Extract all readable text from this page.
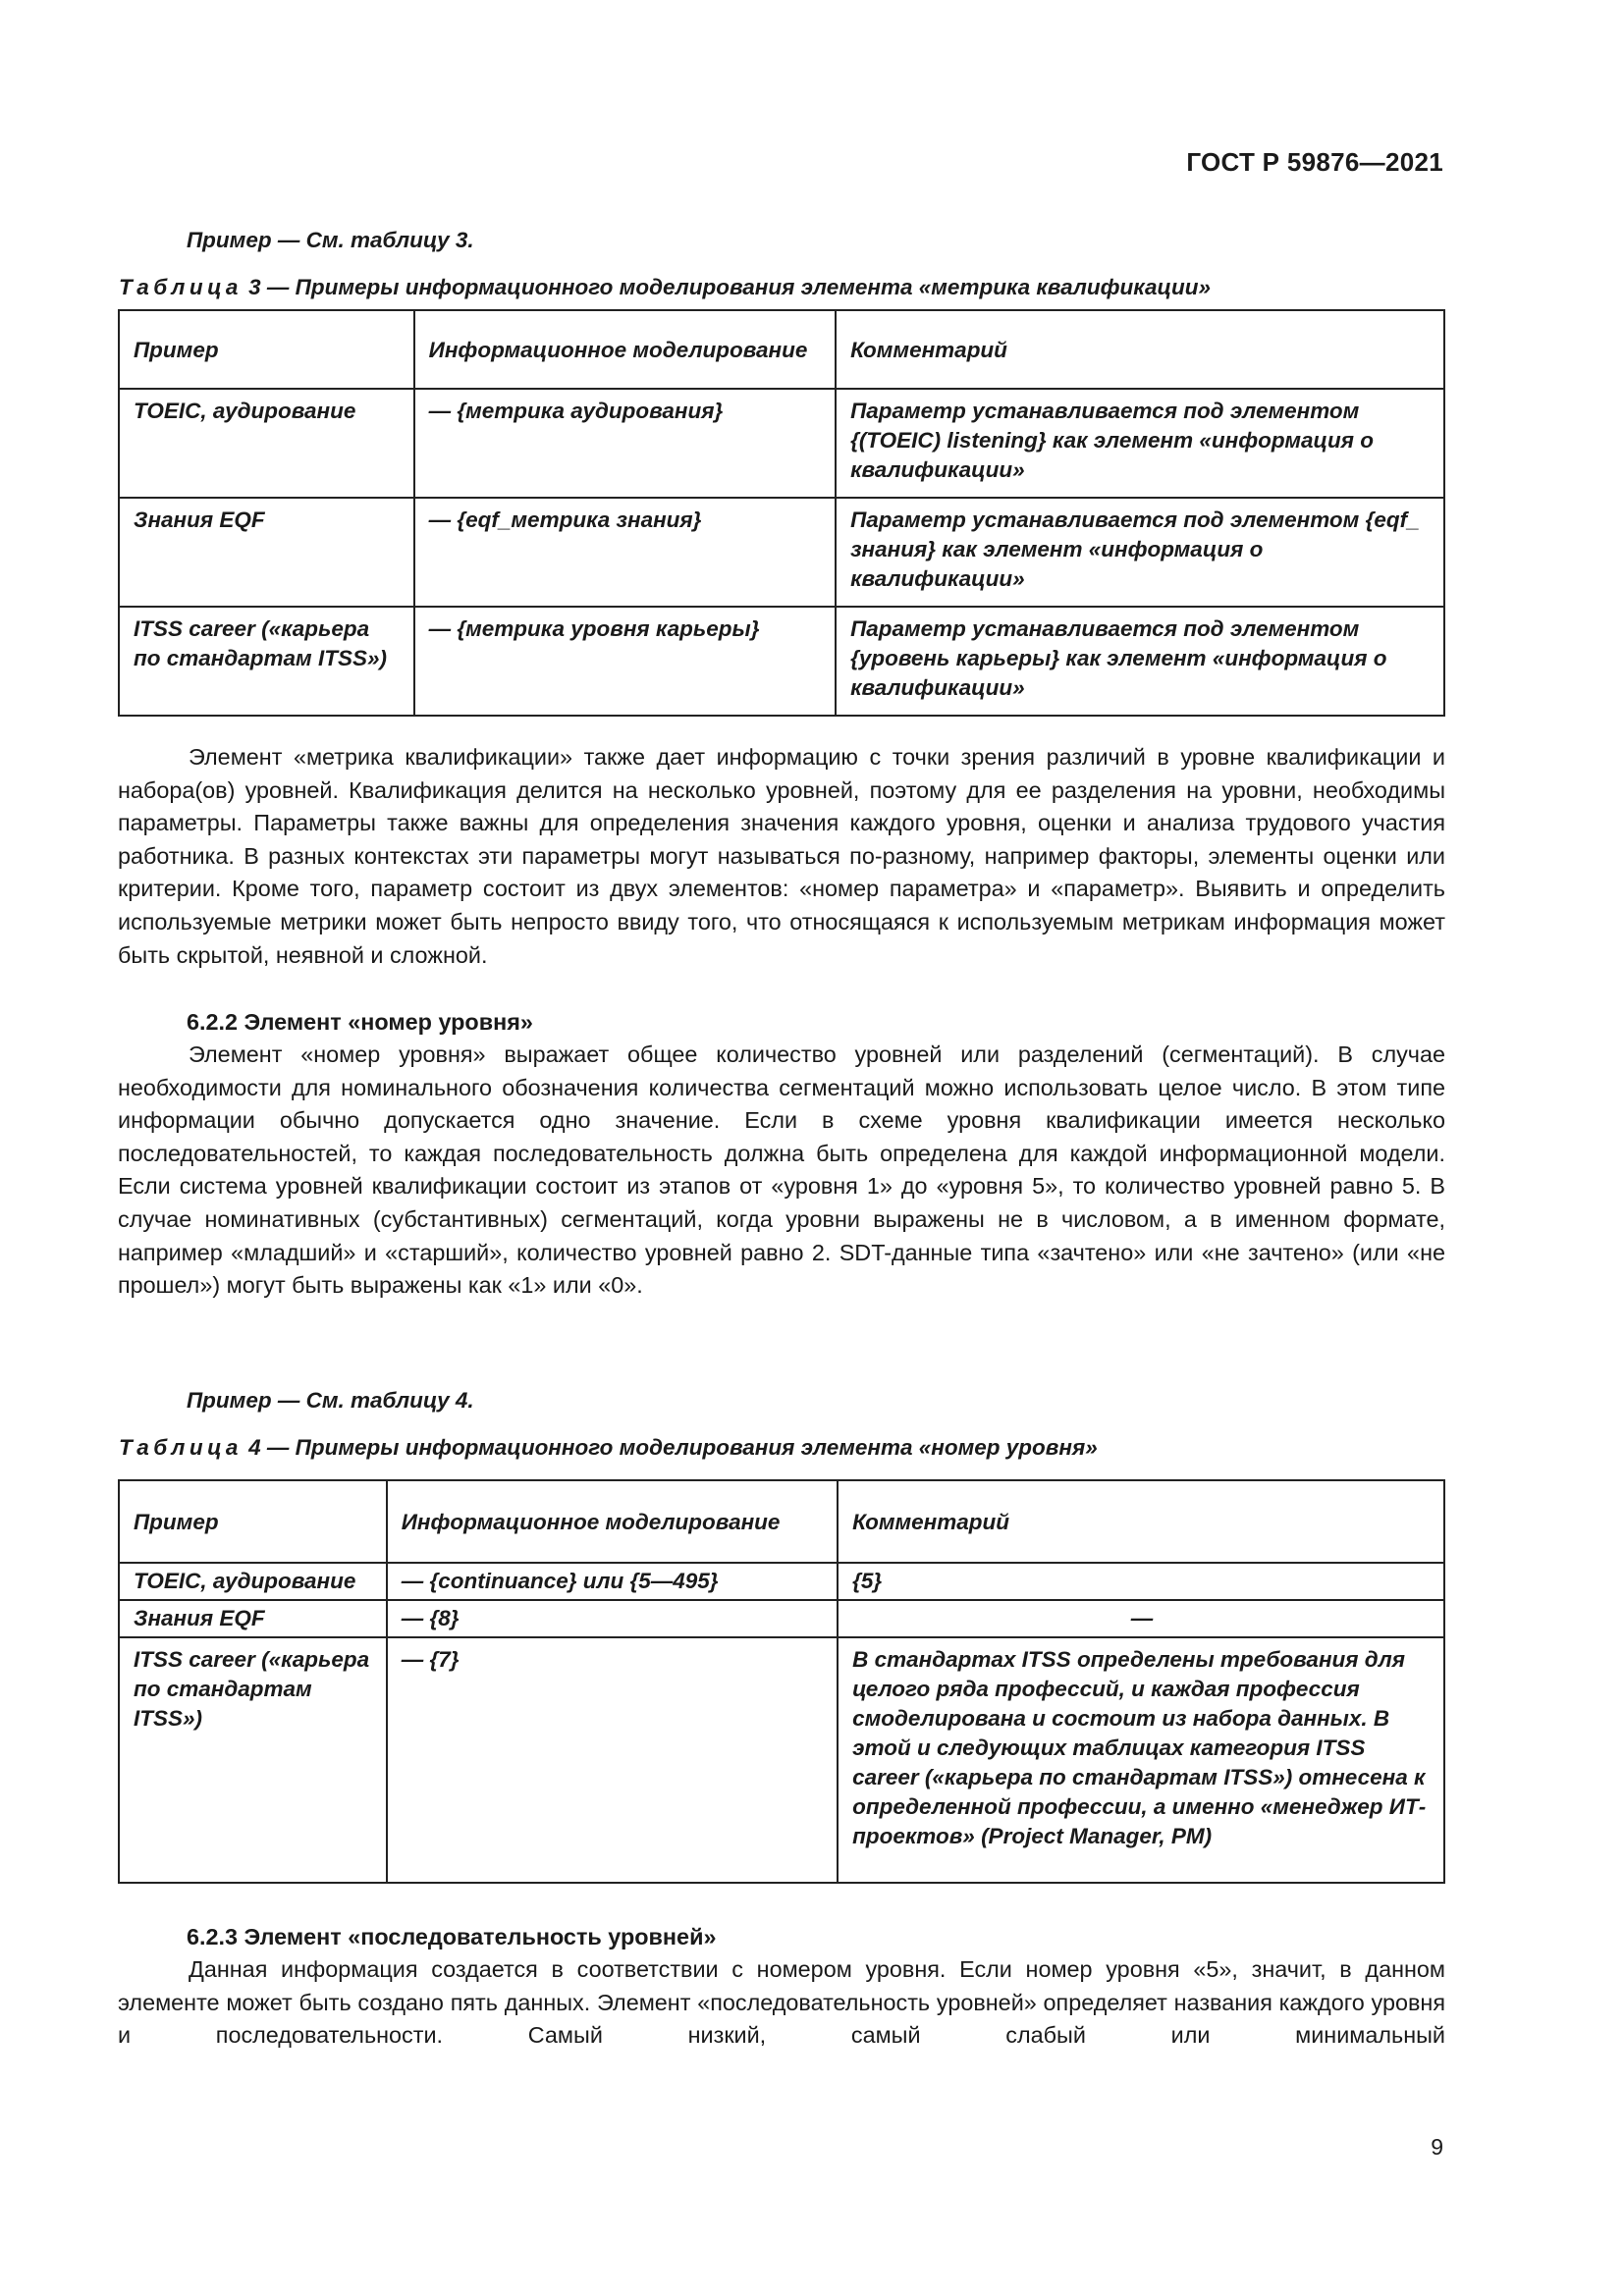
ГОСТ Р 59876—2021
Пример — См. таблицу 3.
Таблица 3 — Примеры информационного моделирования элемента «метрика квалификации»
Пример	Информационное моделирование	Комментарий
TOEIC, аудирование	— {метрика аудирования}	Параметр устанавливается под элементом {(TOEIC) listening} как элемент «информация о квалификации»
Знания EQF	— {eqf_метрика знания}	Параметр устанавливается под элементом {eqf_ знания} как элемент «информация о квалификации»
ITSS career («карьера по стандартам ITSS»)	— {метрика уровня карьеры}	Параметр устанавливается под элементом {уровень карьеры} как элемент «информация о квалификации»

Элемент «метрика квалификации» также дает информацию с точки зрения различий в уровне квалификации и набора(ов) уровней. Квалификация делится на несколько уровней, поэтому для ее разделения на уровни, необходимы параметры. Параметры также важны для определения значения каждого уровня, оценки и анализа трудового участия работника. В разных контекстах эти параметры могут называться по-разному, например факторы, элементы оценки или критерии. Кроме того, параметр состоит из двух элементов: «номер параметра» и «параметр». Выявить и определить используемые метрики может быть непросто ввиду того, что относящаяся к используемым метрикам информация может быть скрытой, неявной и сложной.

6.2.2 Элемент «номер уровня»

Элемент «номер уровня» выражает общее количество уровней или разделений (сегментаций). В случае необходимости для номинального обозначения количества сегментаций можно использовать целое число. В этом типе информации обычно допускается одно значение. Если в схеме уровня квалификации имеется несколько последовательностей, то каждая последовательность должна быть определена для каждой информационной модели. Если система уровней квалификации состоит из этапов от «уровня 1» до «уровня 5», то количество уровней равно 5. В случае номинативных (субстантивных) сегментаций, когда уровни выражены не в числовом, а в именном формате, например «младший» и «старший», количество уровней равно 2. SDT-данные типа «зачтено» или «не зачтено» (или «не прошел») могут быть выражены как «1» или «0».

Пример — См. таблицу 4.
Таблица 4 — Примеры информационного моделирования элемента «номер уровня»
Пример	Информационное моделирование	Комментарий
TOEIC, аудирование	— {continuance} или {5—495}	{5}
Знания EQF	— {8}	—
ITSS career («карьера по стандартам ITSS»)	— {7}	В стандартах ITSS определены требования для целого ряда профессий, и каждая профессия смоделирована и состоит из набора данных. В этой и следующих таблицах категория ITSS career («карьера по стандартам ITSS») отнесена к определенной профессии, а именно «менеджер ИТ-проектов» (Project Manager, PM)
6.2.3 Элемент «последовательность уровней»

Данная информация создается в соответствии с номером уровня. Если номер уровня «5», значит, в данном элементе может быть создано пять данных. Элемент «последовательность уровней» определяет названия каждого уровня и последовательности. Самый низкий, самый слабый или минимальный

9
